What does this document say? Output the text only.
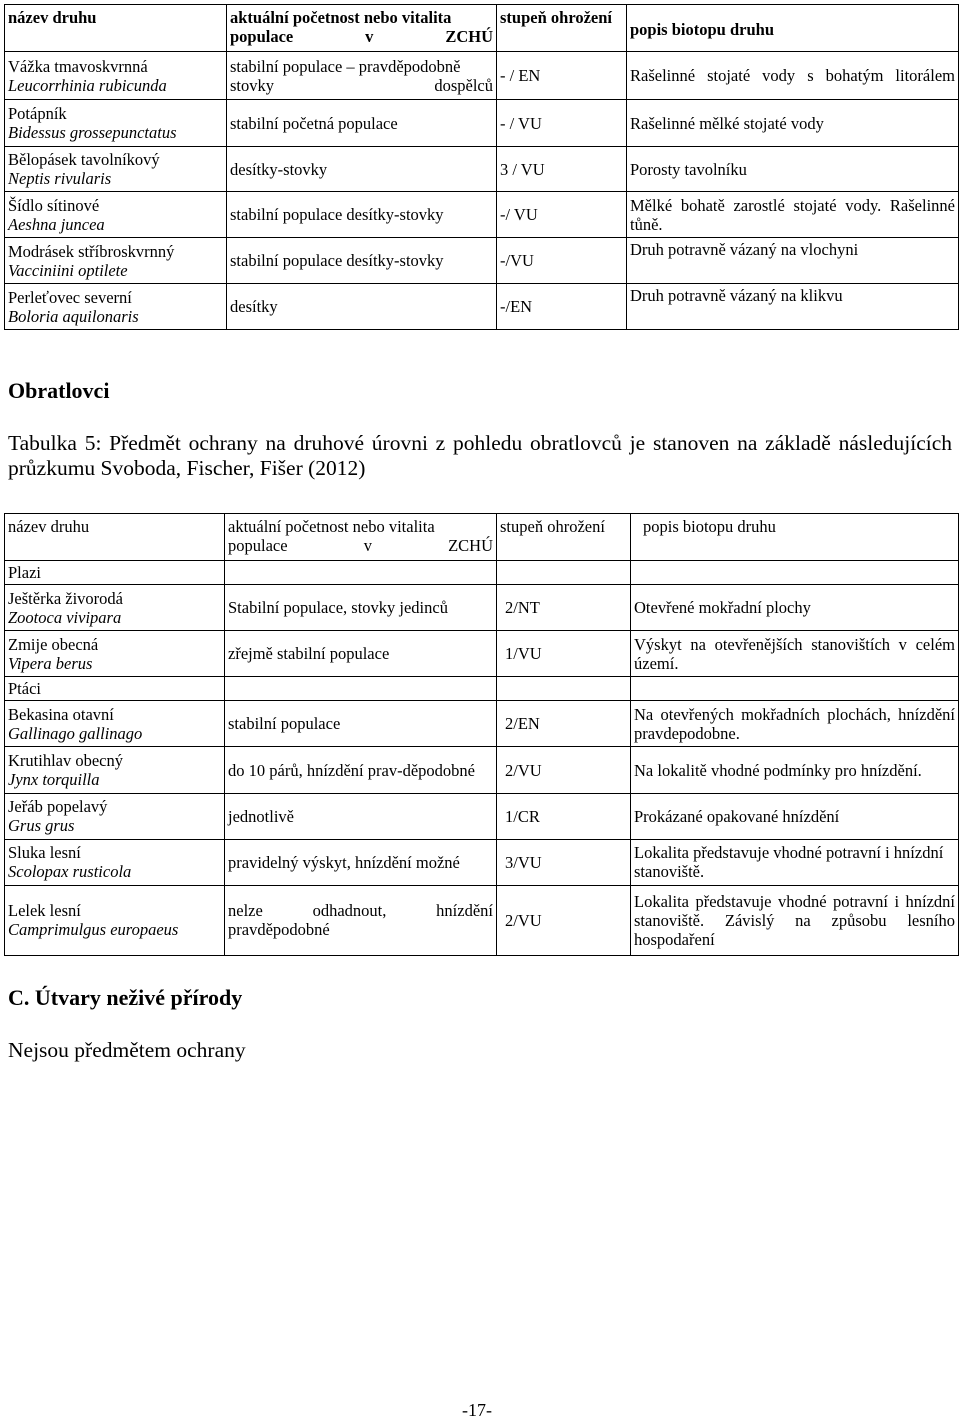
název druhu	aktuální početnost nebo vitalita populace v ZCHÚ	stupeň ohrožení	popis biotopu druhu

Vážka tmavoskvrnná
Leucorrhinia rubicunda	stabilní populace – pravděpodobně stovky dospělců	- / EN	Rašelinné stojaté vody s bohatým litorálem

Potápník
Bidessus grossepunctatus	stabilní početná populace	- / VU	Rašelinné mělké stojaté vody

Bělopásek tavolníkový
Neptis rivularis	desítky-stovky	3 / VU	Porosty tavolníku

Šídlo sítinové
Aeshna juncea	stabilní populace desítky-stovky	-/ VU	Mělké bohatě zarostlé stojaté vody. Rašelinné tůně.

Modrásek stříbroskvrnný
Vacciniini optilete	stabilní populace desítky-stovky	-/VU	Druh potravně vázaný na vlochyni

Perleťovec severní
Boloria aquilonaris	desítky	-/EN	Druh potravně vázaný na klikvu
Obratlovci
Tabulka 5: Předmět ochrany na druhové úrovni z pohledu obratlovců je stanoven na základě následujících průzkumu Svoboda, Fischer, Fišer (2012)
název druhu	aktuální početnost nebo vitalita populace v ZCHÚ	stupeň ohrožení	popis biotopu druhu
Plazi			

Ještěrka živorodá
Zootoca vivipara	Stabilní populace, stovky jedinců	2/NT	Otevřené mokřadní plochy

Zmije obecná
Vipera berus	zřejmě stabilní populace	1/VU	Výskyt na otevřenějších stanovištích v celém území.
Ptáci			

Bekasina otavní
Gallinago gallinago	stabilní populace	2/EN	Na otevřených mokřadních plochách, hnízdění pravdepodobne.

Krutihlav obecný
Jynx torquilla	do 10 párů, hnízdění prav-děpodobné	2/VU	Na lokalitě vhodné podmínky pro hnízdění.

Jeřáb popelavý
Grus grus	jednotlivě	1/CR	Prokázané opakované hnízdění

Sluka lesní
Scolopax rusticola	pravidelný výskyt, hnízdění možné	3/VU	Lokalita představuje vhodné potravní i hnízdní stanoviště.

Lelek lesní
Camprimulgus europaeus	nelze odhadnout, hnízdění pravděpodobné	2/VU	Lokalita představuje vhodné potravní i hnízdní stanoviště. Závislý na způsobu lesního hospodaření
C. Útvary neživé přírody
Nejsou předmětem ochrany
-17-
